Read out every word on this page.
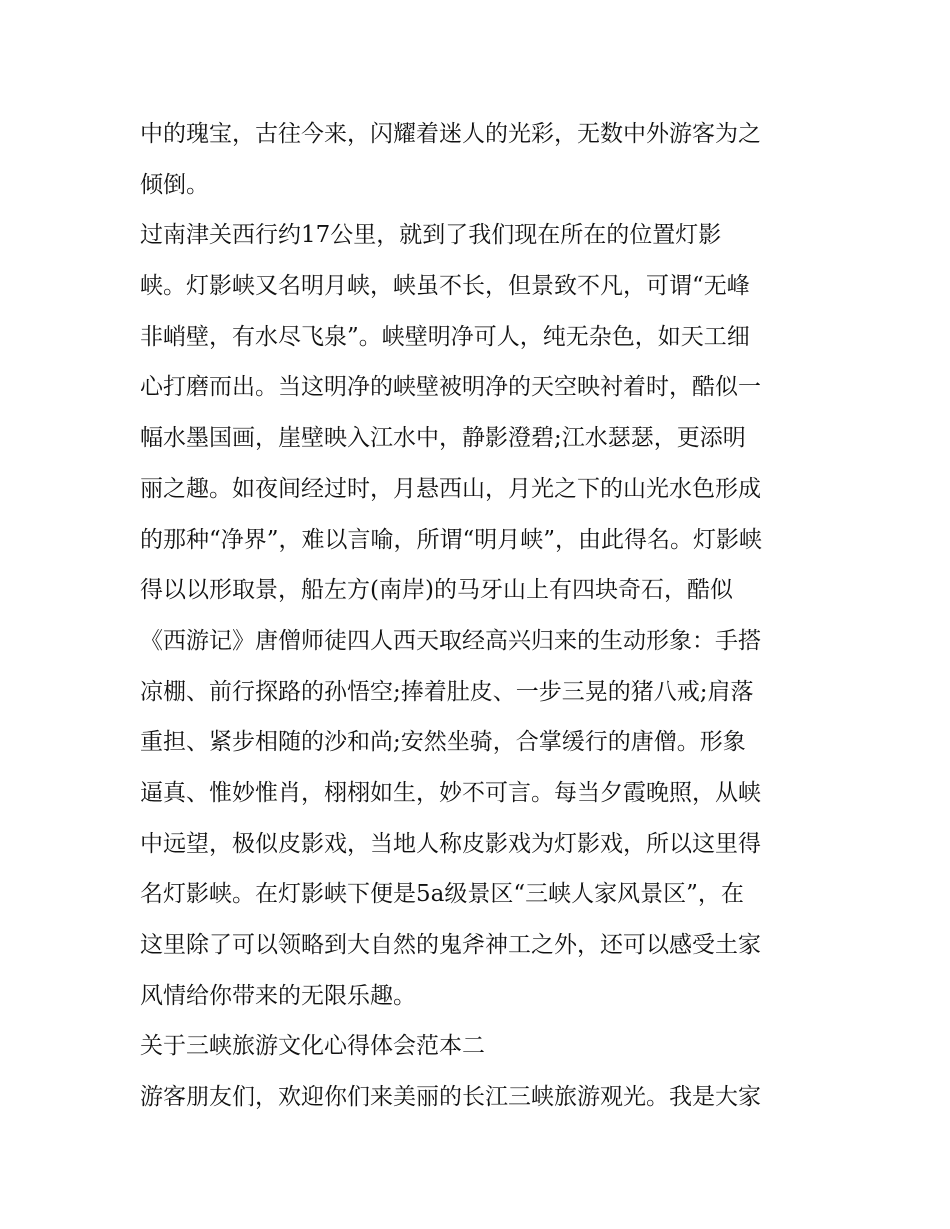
中的瑰宝，古往今来，闪耀着迷人的光彩，无数中外游客为之
倾倒。
过南津关西行约17公里，就到了我们现在所在的位置灯影
峡。灯影峡又名明月峡，峡虽不长，但景致不凡，可谓“无峰
非峭壁，有水尽飞泉”。峡壁明净可人，纯无杂色，如天工细
心打磨而出。当这明净的峡壁被明净的天空映衬着时，酷似一
幅水墨国画，崖壁映入江水中，静影澄碧;江水瑟瑟，更添明
丽之趣。如夜间经过时，月悬西山，月光之下的山光水色形成
的那种“净界”，难以言喻，所谓“明月峡”，由此得名。灯影峡
得以以形取景，船左方(南岸)的马牙山上有四块奇石，酷似
《西游记》唐僧师徒四人西天取经高兴归来的生动形象：手搭
凉棚、前行探路的孙悟空;捧着肚皮、一步三晃的猪八戒;肩落
重担、紧步相随的沙和尚;安然坐骑，合掌缓行的唐僧。形象
逼真、惟妙惟肖，栩栩如生，妙不可言。每当夕霞晚照，从峡
中远望，极似皮影戏，当地人称皮影戏为灯影戏，所以这里得
名灯影峡。在灯影峡下便是5a级景区“三峡人家风景区”，在
这里除了可以领略到大自然的鬼斧神工之外，还可以感受土家
风情给你带来的无限乐趣。
关于三峡旅游文化心得体会范本二
游客朋友们，欢迎你们来美丽的长江三峡旅游观光。我是大家
